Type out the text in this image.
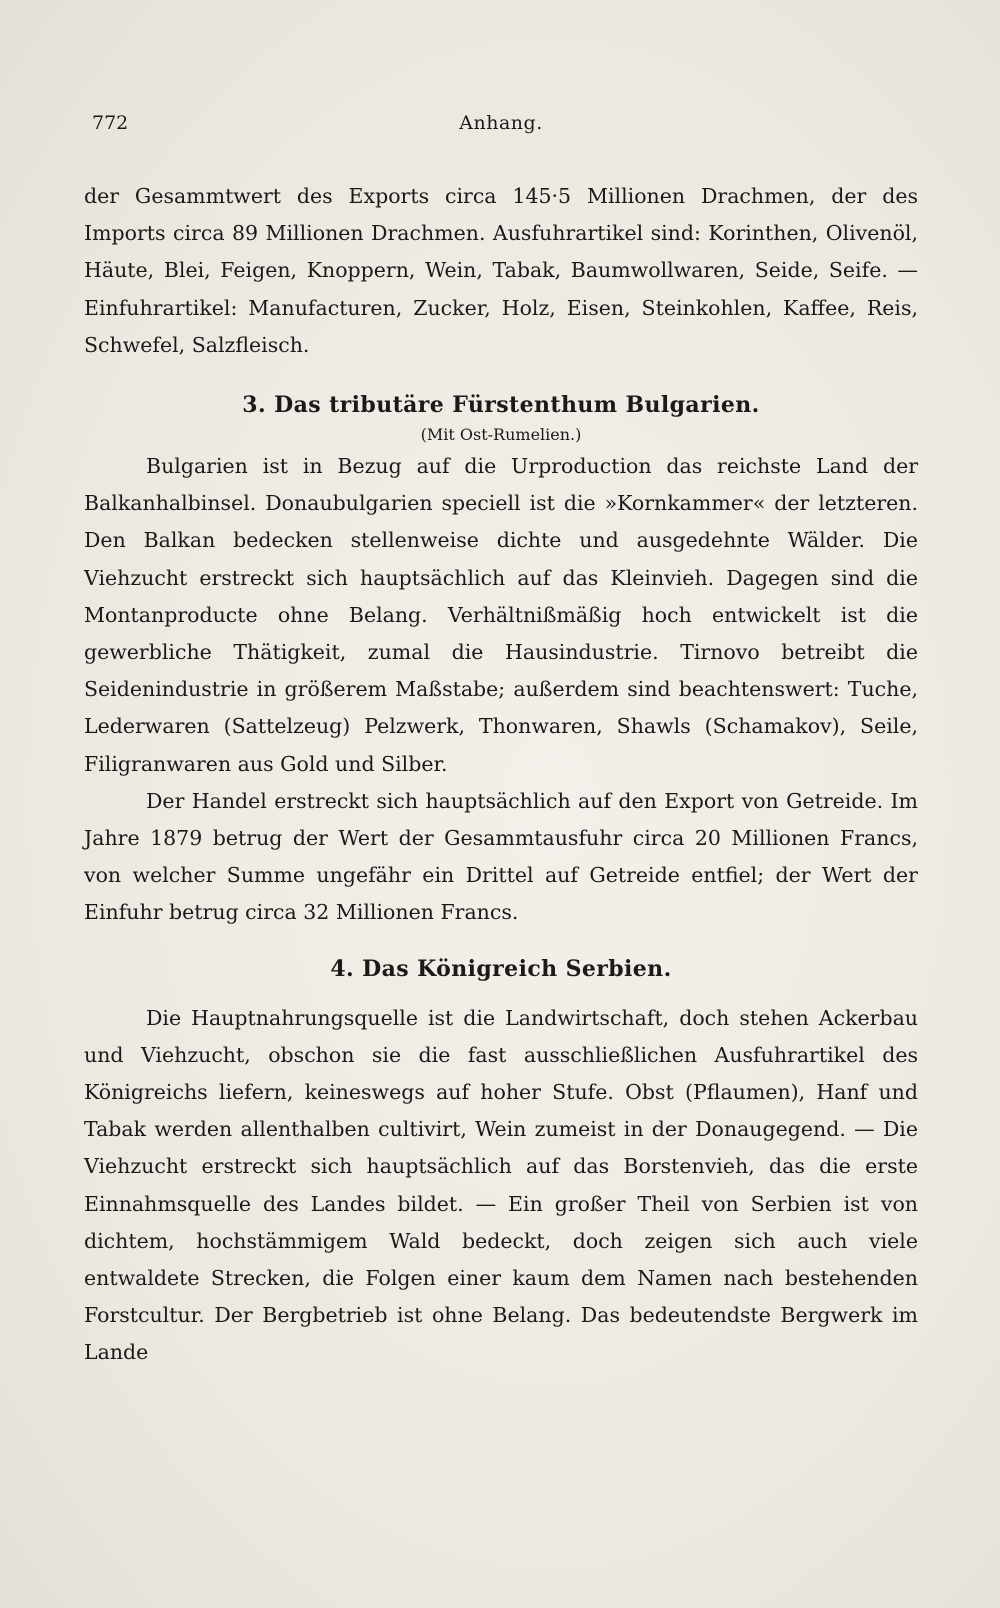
772	Anhang.

der Gesammtwert des Exports circa 145·5 Millionen Drachmen, der des Imports circa 89 Millionen Drachmen. Ausfuhrartikel sind: Korinthen, Olivenöl, Häute, Blei, Feigen, Knoppern, Wein, Tabak, Baumwollwaren, Seide, Seife. — Einfuhrartikel: Manufacturen, Zucker, Holz, Eisen, Steinkohlen, Kaffee, Reis, Schwefel, Salzfleisch.

3. Das tributäre Fürstenthum Bulgarien.
(Mit Ost-Rumelien.)

Bulgarien ist in Bezug auf die Urproduction das reichste Land der Balkanhalbinsel. Donaubulgarien speciell ist die »Kornkammer« der letzteren. Den Balkan bedecken stellenweise dichte und ausgedehnte Wälder. Die Viehzucht erstreckt sich hauptsächlich auf das Kleinvieh. Dagegen sind die Montanproducte ohne Belang. Verhältnißmäßig hoch entwickelt ist die gewerbliche Thätigkeit, zumal die Hausindustrie. Tirnovo betreibt die Seidenindustrie in größerem Maßstabe; außerdem sind beachtenswert: Tuche, Lederwaren (Sattelzeug) Pelzwerk, Thonwaren, Shawls (Schamakov), Seile, Filigranwaren aus Gold und Silber.

Der Handel erstreckt sich hauptsächlich auf den Export von Getreide. Im Jahre 1879 betrug der Wert der Gesammtausfuhr circa 20 Millionen Francs, von welcher Summe ungefähr ein Drittel auf Getreide entfiel; der Wert der Einfuhr betrug circa 32 Millionen Francs.

4. Das Königreich Serbien.

Die Hauptnahrungsquelle ist die Landwirtschaft, doch stehen Ackerbau und Viehzucht, obschon sie die fast ausschließlichen Ausfuhrartikel des Königreichs liefern, keineswegs auf hoher Stufe. Obst (Pflaumen), Hanf und Tabak werden allenthalben cultivirt, Wein zumeist in der Donaugegend. — Die Viehzucht erstreckt sich hauptsächlich auf das Borstenvieh, das die erste Einnahmsquelle des Landes bildet. — Ein großer Theil von Serbien ist von dichtem, hochstämmigem Wald bedeckt, doch zeigen sich auch viele entwaldete Strecken, die Folgen einer kaum dem Namen nach bestehenden Forstcultur. Der Bergbetrieb ist ohne Belang. Das bedeutendste Bergwerk im Lande
